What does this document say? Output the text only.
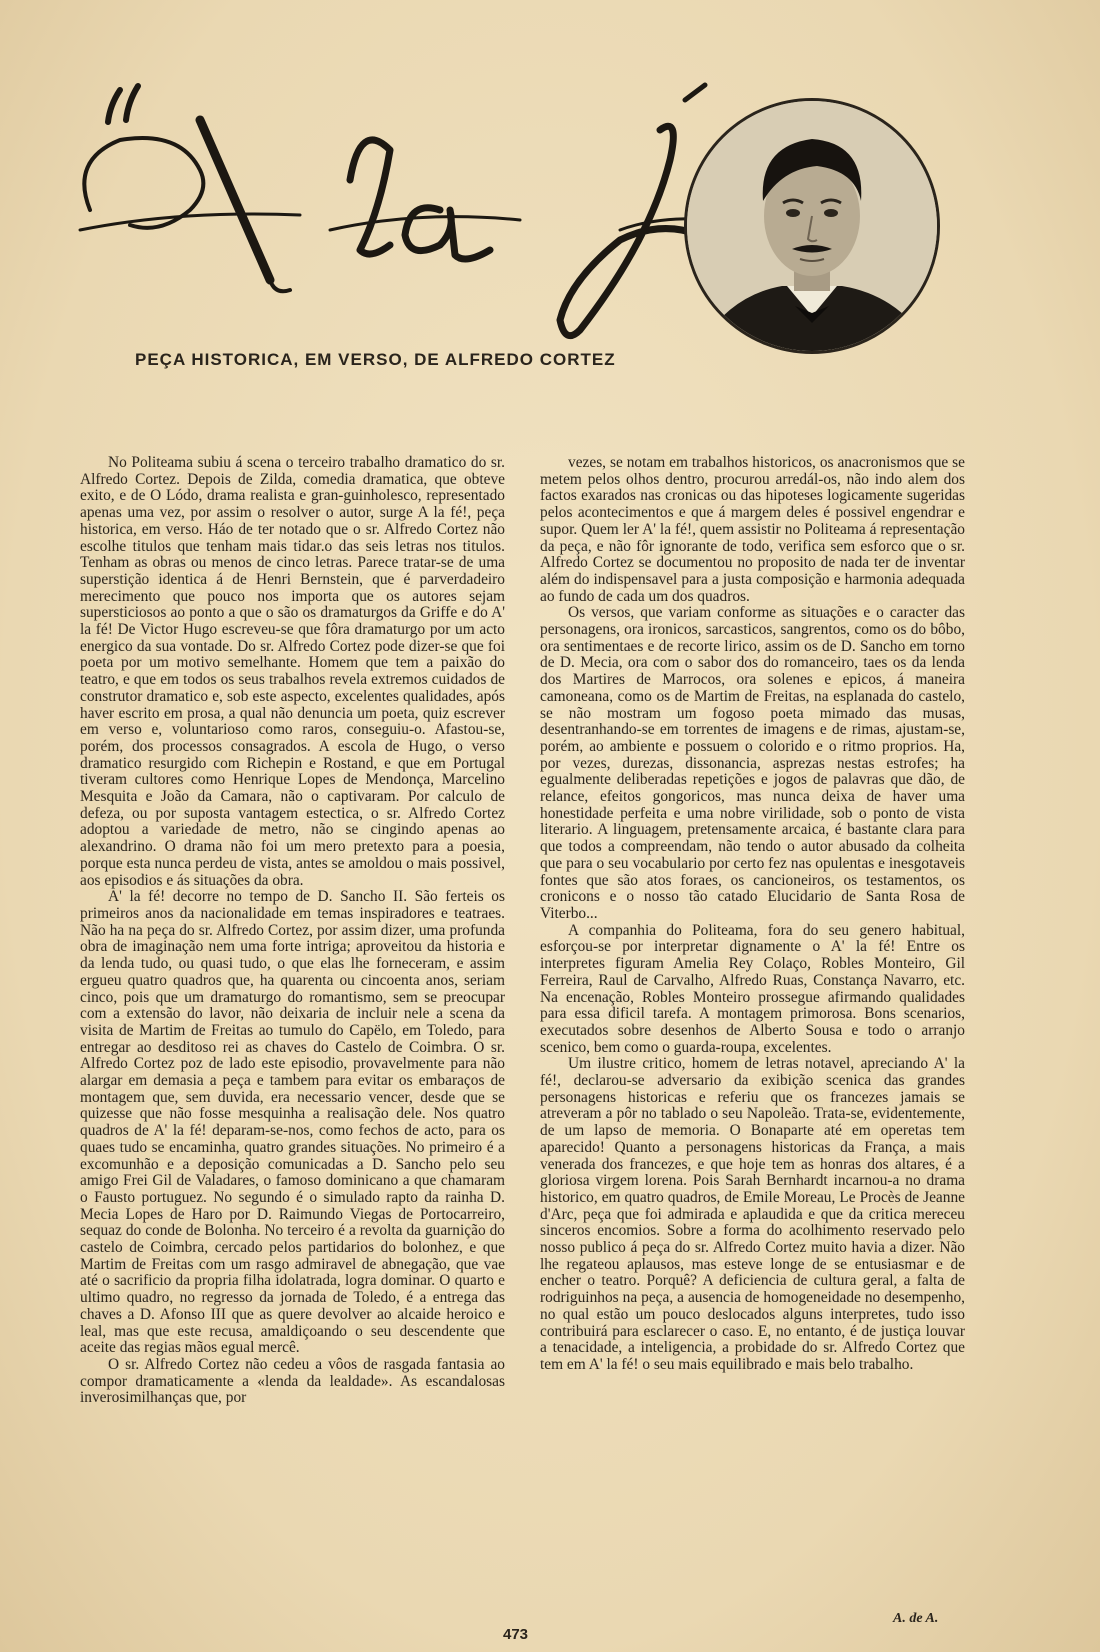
PEÇA HISTORICA, EM VERSO, DE ALFREDO CORTEZ

No Politeama subiu á scena o terceiro trabalho dramatico do sr. Alfredo Cortez. Depois de Zilda, comedia dramatica, que obteve exito, e de O Lódo, drama realista e gran-guinholesco, representado apenas uma vez, por assim o resolver o autor, surge A la fé!, peça historica, em verso. Háo de ter notado que o sr. Alfredo Cortez não escolhe titulos que tenham mais tidar.o das seis letras nos titulos. Tenham as obras ou menos de cinco letras. Parece tratar-se de uma superstição identica á de Henri Bernstein, que é parverdadeiro merecimento que pouco nos importa que os autores sejam supersticiosos ao ponto a que o são os dramaturgos da Griffe e do A' la fé! De Victor Hugo escreveu-se que fôra dramaturgo por um acto energico da sua vontade. Do sr. Alfredo Cortez pode dizer-se que foi poeta por um motivo semelhante. Homem que tem a paixão do teatro, e que em todos os seus trabalhos revela extremos cuidados de construtor dramatico e, sob este aspecto, excelentes qualidades, após haver escrito em prosa, a qual não denuncia um poeta, quiz escrever em verso e, voluntarioso como raros, conseguiu-o. Afastou-se, porém, dos processos consagrados. A escola de Hugo, o verso dramatico resurgido com Richepin e Rostand, e que em Portugal tiveram cultores como Henrique Lopes de Mendonça, Marcelino Mesquita e João da Camara, não o captivaram. Por calculo de defeza, ou por suposta vantagem estectica, o sr. Alfredo Cortez adoptou a variedade de metro, não se cingindo apenas ao alexandrino. O drama não foi um mero pretexto para a poesia, porque esta nunca perdeu de vista, antes se amoldou o mais possivel, aos episodios e ás situações da obra.

A' la fé! decorre no tempo de D. Sancho II. São ferteis os primeiros anos da nacionalidade em temas inspiradores e teatraes. Não ha na peça do sr. Alfredo Cortez, por assim dizer, uma profunda obra de imaginação nem uma forte intriga; aproveitou da historia e da lenda tudo, ou quasi tudo, o que elas lhe forneceram, e assim ergueu quatro quadros que, ha quarenta ou cincoenta anos, seriam cinco, pois que um dramaturgo do romantismo, sem se preocupar com a extensão do lavor, não deixaria de incluir nele a scena da visita de Martim de Freitas ao tumulo do Capëlo, em Toledo, para entregar ao desditoso rei as chaves do Castelo de Coimbra. O sr. Alfredo Cortez poz de lado este episodio, provavelmente para não alargar em demasia a peça e tambem para evitar os embaraços de montagem que, sem duvida, era necessario vencer, desde que se quizesse que não fosse mesquinha a realisação dele. Nos quatro quadros de A' la fé! deparam-se-nos, como fechos de acto, para os quaes tudo se encaminha, quatro grandes situações. No primeiro é a excomunhão e a deposição comunicadas a D. Sancho pelo seu amigo Frei Gil de Valadares, o famoso dominicano a que chamaram o Fausto portuguez. No segundo é o simulado rapto da rainha D. Mecia Lopes de Haro por D. Raimundo Viegas de Portocarreiro, sequaz do conde de Bolonha. No terceiro é a revolta da guarnição do castelo de Coimbra, cercado pelos partidarios do bolonhez, e que Martim de Freitas com um rasgo admiravel de abnegação, que vae até o sacrificio da propria filha idolatrada, logra dominar. O quarto e ultimo quadro, no regresso da jornada de Toledo, é a entrega das chaves a D. Afonso III que as quere devolver ao alcaide heroico e leal, mas que este recusa, amaldiçoando o seu descendente que aceite das regias mãos egual mercê.

O sr. Alfredo Cortez não cedeu a vôos de rasgada fantasia ao compor dramaticamente a «lenda da lealdade». As escandalosas inverosimilhanças que, por

vezes, se notam em trabalhos historicos, os anacronismos que se metem pelos olhos dentro, procurou arredál-os, não indo alem dos factos exarados nas cronicas ou das hipoteses logicamente sugeridas pelos acontecimentos e que á margem deles é possivel engendrar e supor. Quem ler A' la fé!, quem assistir no Politeama á representação da peça, e não fôr ignorante de todo, verifica sem esforco que o sr. Alfredo Cortez se documentou no proposito de nada ter de inventar além do indispensavel para a justa composição e harmonia adequada ao fundo de cada um dos quadros.

Os versos, que variam conforme as situações e o caracter das personagens, ora ironicos, sarcasticos, sangrentos, como os do bôbo, ora sentimentaes e de recorte lirico, assim os de D. Sancho em torno de D. Mecia, ora com o sabor dos do romanceiro, taes os da lenda dos Martires de Marrocos, ora solenes e epicos, á maneira camoneana, como os de Martim de Freitas, na esplanada do castelo, se não mostram um fogoso poeta mimado das musas, desentranhando-se em torrentes de imagens e de rimas, ajustam-se, porém, ao ambiente e possuem o colorido e o ritmo proprios. Ha, por vezes, durezas, dissonancia, asprezas nestas estrofes; ha egualmente deliberadas repetições e jogos de palavras que dão, de relance, efeitos gongoricos, mas nunca deixa de haver uma honestidade perfeita e uma nobre virilidade, sob o ponto de vista literario. A linguagem, pretensamente arcaica, é bastante clara para que todos a compreendam, não tendo o autor abusado da colheita que para o seu vocabulario por certo fez nas opulentas e inesgotaveis fontes que são atos foraes, os cancioneiros, os testamentos, os cronicons e o nosso tão catado Elucidario de Santa Rosa de Viterbo...

A companhia do Politeama, fora do seu genero habitual, esforçou-se por interpretar dignamente o A' la fé! Entre os interpretes figuram Amelia Rey Colaço, Robles Monteiro, Gil Ferreira, Raul de Carvalho, Alfredo Ruas, Constança Navarro, etc. Na encenação, Robles Monteiro prossegue afirmando qualidades para essa dificil tarefa. A montagem primorosa. Bons scenarios, executados sobre desenhos de Alberto Sousa e todo o arranjo scenico, bem como o guarda-roupa, excelentes.

Um ilustre critico, homem de letras notavel, apreciando A' la fé!, declarou-se adversario da exibição scenica das grandes personagens historicas e referiu que os francezes jamais se atreveram a pôr no tablado o seu Napoleão. Trata-se, evidentemente, de um lapso de memoria. O Bonaparte até em operetas tem aparecido! Quanto a personagens historicas da França, a mais venerada dos francezes, e que hoje tem as honras dos altares, é a gloriosa virgem lorena. Pois Sarah Bernhardt incarnou-a no drama historico, em quatro quadros, de Emile Moreau, Le Procès de Jeanne d'Arc, peça que foi admirada e aplaudida e que da critica mereceu sinceros encomios. Sobre a forma do acolhimento reservado pelo nosso publico á peça do sr. Alfredo Cortez muito havia a dizer. Não lhe regateou aplausos, mas esteve longe de se entusiasmar e de encher o teatro. Porquê? A deficiencia de cultura geral, a falta de rodriguinhos na peça, a ausencia de homogeneidade no desempenho, no qual estão um pouco deslocados alguns interpretes, tudo isso contribuirá para esclarecer o caso. E, no entanto, é de justiça louvar a tenacidade, a inteligencia, a probidade do sr. Alfredo Cortez que tem em A' la fé! o seu mais equilibrado e mais belo trabalho.

A. de A.
473
